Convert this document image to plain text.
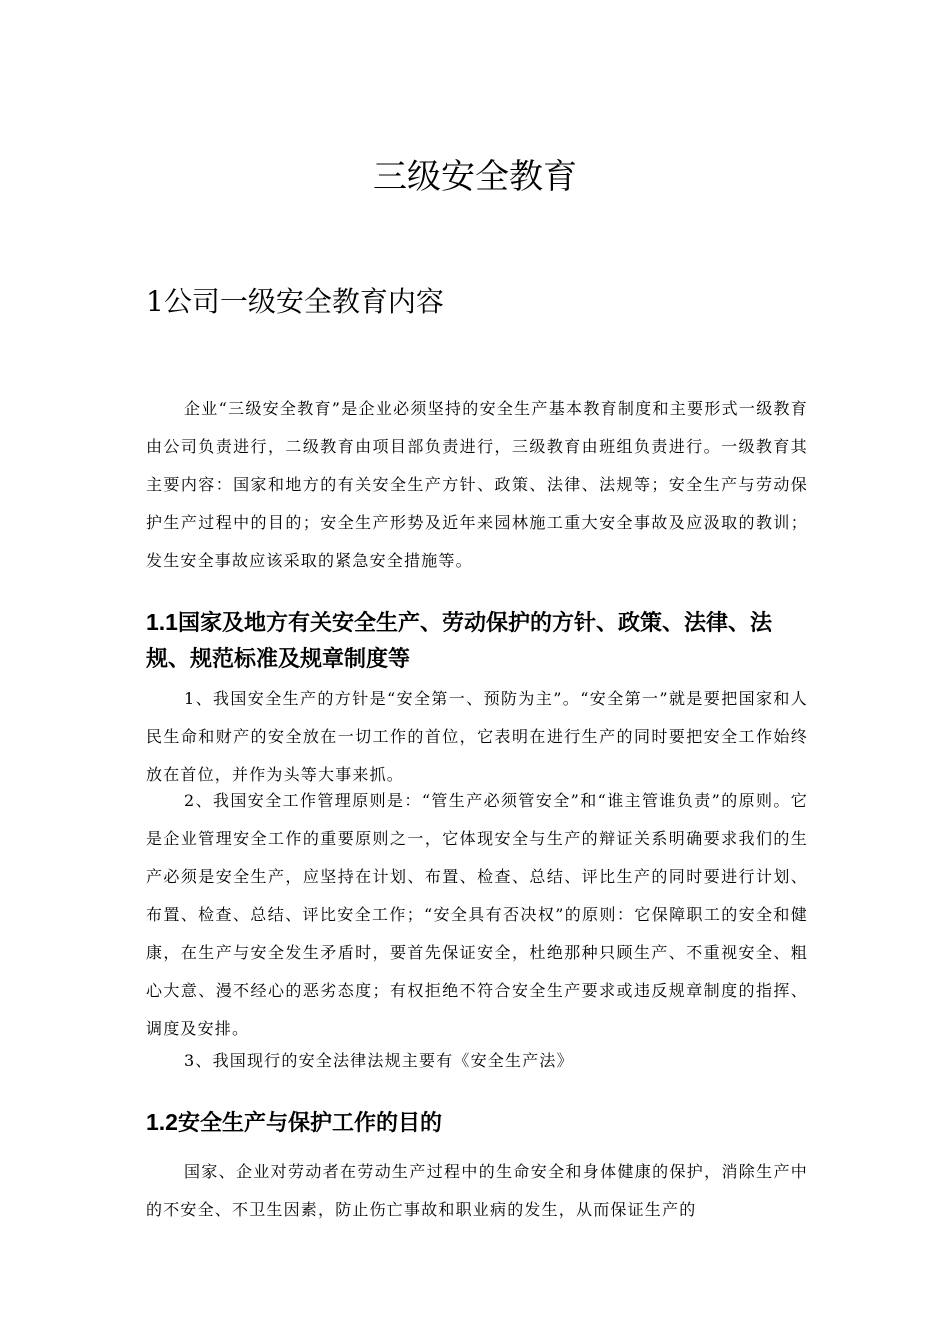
三级安全教育
1公司一级安全教育内容

企业“三级安全教育”是企业必须坚持的安全生产基本教育制度和主要形式一级教育由公司负责进行，二级教育由项目部负责进行，三级教育由班组负责进行。一级教育其主要内容：国家和地方的有关安全生产方针、政策、法律、法规等；安全生产与劳动保护生产过程中的目的；安全生产形势及近年来园林施工重大安全事故及应汲取的教训；发生安全事故应该采取的紧急安全措施等。

1.1国家及地方有关安全生产、劳动保护的方针、政策、法律、法规、规范标准及规章制度等

1、我国安全生产的方针是“安全第一、预防为主”。“安全第一”就是要把国家和人民生命和财产的安全放在一切工作的首位，它表明在进行生产的同时要把安全工作始终放在首位，并作为头等大事来抓。

2、我国安全工作管理原则是：“管生产必须管安全”和“谁主管谁负责”的原则。它是企业管理安全工作的重要原则之一，它体现安全与生产的辩证关系明确要求我们的生产必须是安全生产，应坚持在计划、布置、检查、总结、评比生产的同时要进行计划、布置、检查、总结、评比安全工作；“安全具有否决权”的原则：它保障职工的安全和健康，在生产与安全发生矛盾时，要首先保证安全，杜绝那种只顾生产、不重视安全、粗心大意、漫不经心的恶劣态度；有权拒绝不符合安全生产要求或违反规章制度的指挥、调度及安排。

3、我国现行的安全法律法规主要有《安全生产法》

1.2安全生产与保护工作的目的

国家、企业对劳动者在劳动生产过程中的生命安全和身体健康的保护，消除生产中的不安全、不卫生因素，防止伤亡事故和职业病的发生，从而保证生产的
